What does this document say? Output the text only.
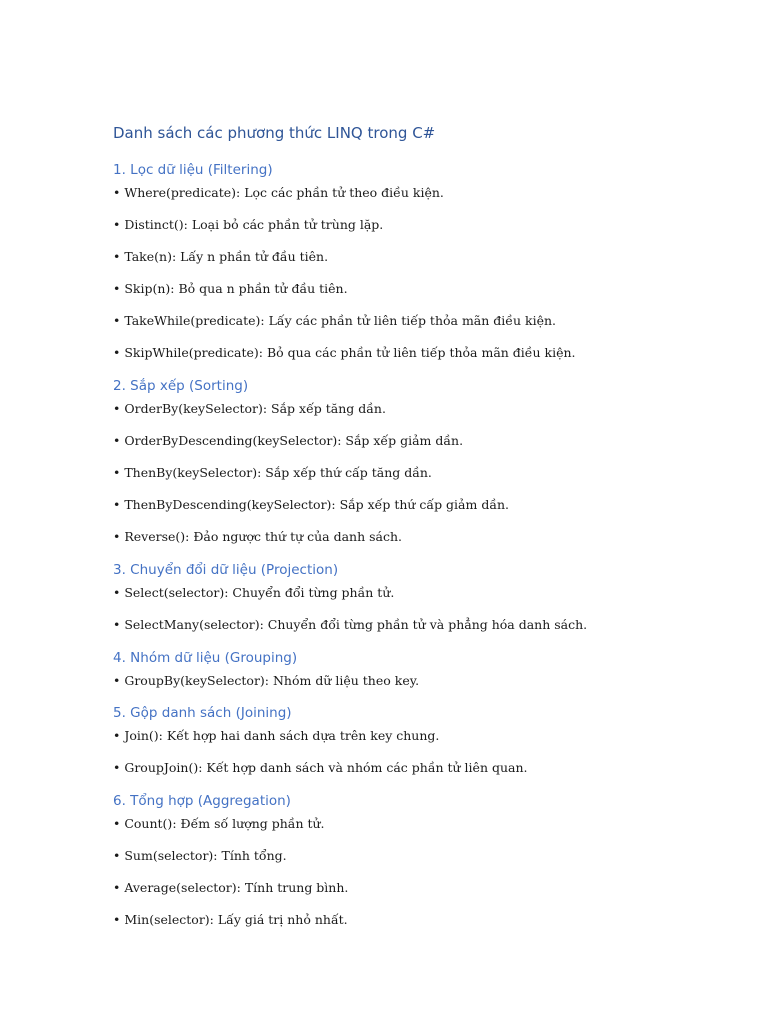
Danh sách các phương thức LINQ trong C#
1. Lọc dữ liệu (Filtering)

• Where(predicate): Lọc các phần tử theo điều kiện.

• Distinct(): Loại bỏ các phần tử trùng lặp.

• Take(n): Lấy n phần tử đầu tiên.

• Skip(n): Bỏ qua n phần tử đầu tiên.

• TakeWhile(predicate): Lấy các phần tử liên tiếp thỏa mãn điều kiện.

• SkipWhile(predicate): Bỏ qua các phần tử liên tiếp thỏa mãn điều kiện.

2. Sắp xếp (Sorting)

• OrderBy(keySelector): Sắp xếp tăng dần.

• OrderByDescending(keySelector): Sắp xếp giảm dần.

• ThenBy(keySelector): Sắp xếp thứ cấp tăng dần.

• ThenByDescending(keySelector): Sắp xếp thứ cấp giảm dần.

• Reverse(): Đảo ngược thứ tự của danh sách.

3. Chuyển đổi dữ liệu (Projection)

• Select(selector): Chuyển đổi từng phần tử.

• SelectMany(selector): Chuyển đổi từng phần tử và phẳng hóa danh sách.

4. Nhóm dữ liệu (Grouping)

• GroupBy(keySelector): Nhóm dữ liệu theo key.

5. Gộp danh sách (Joining)

• Join(): Kết hợp hai danh sách dựa trên key chung.

• GroupJoin(): Kết hợp danh sách và nhóm các phần tử liên quan.

6. Tổng hợp (Aggregation)

• Count(): Đếm số lượng phần tử.

• Sum(selector): Tính tổng.

• Average(selector): Tính trung bình.

• Min(selector): Lấy giá trị nhỏ nhất.
